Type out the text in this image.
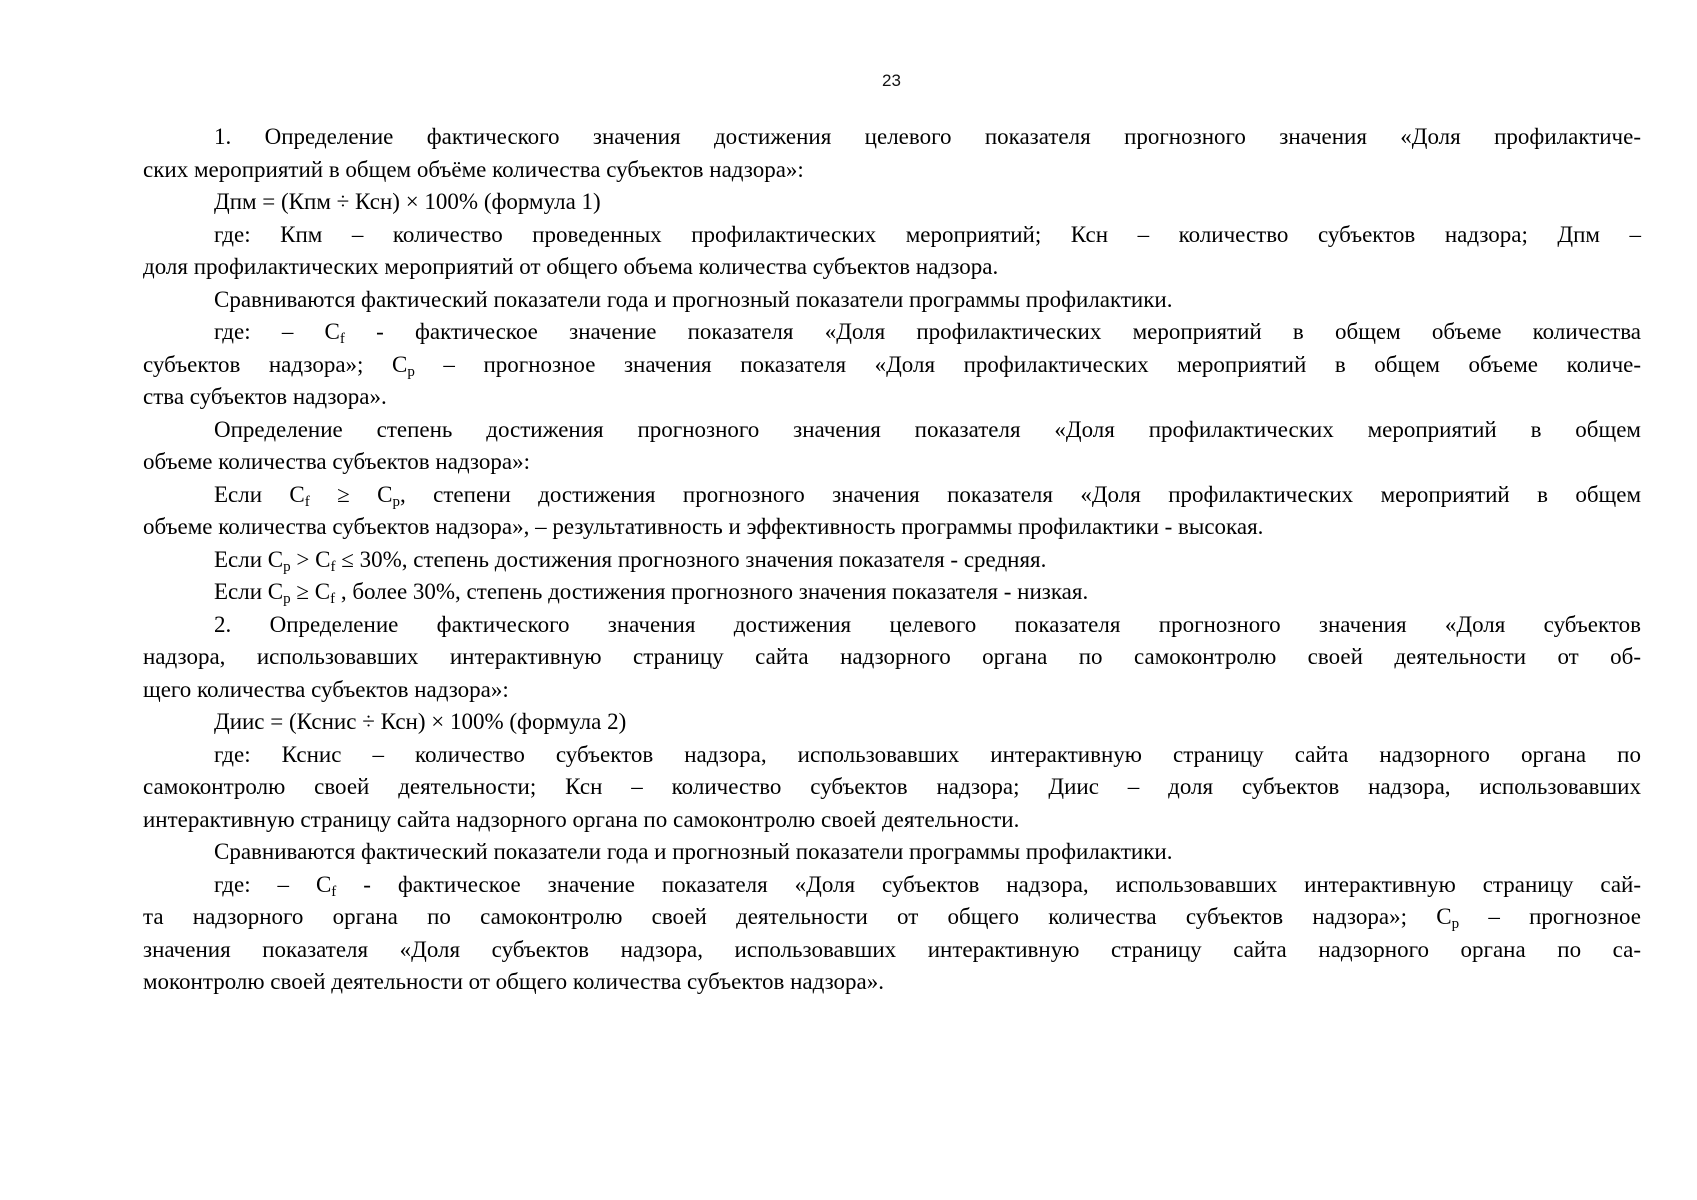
23
1. Определение фактического значения достижения целевого показателя прогнозного значения «Доля профилактиче-
ских мероприятий в общем объёме количества субъектов надзора»:
Дпм = (Кпм ÷ Ксн) × 100% (формула 1)
где: Кпм – количество проведенных профилактических мероприятий; Ксн – количество субъектов надзора; Дпм –
доля профилактических мероприятий от общего объема количества субъектов надзора.
Сравниваются фактический показатели года и прогнозный показатели программы профилактики.
где: – Cf - фактическое значение показателя «Доля профилактических мероприятий в общем объеме количества
субъектов надзора»; Cp – прогнозное значения показателя «Доля профилактических мероприятий в общем объеме количе-
ства субъектов надзора».
Определение степень достижения прогнозного значения показателя «Доля профилактических мероприятий в общем
объеме количества субъектов надзора»:
Если Cf ≥ Cp, степени достижения прогнозного значения показателя «Доля профилактических мероприятий в общем
объеме количества субъектов надзора», – результативность и эффективность программы профилактики - высокая.
Если Cp > Cf ≤ 30%, степень достижения прогнозного значения показателя - средняя.
Если Cp ≥ Cf , более 30%, степень достижения прогнозного значения показателя - низкая.
2. Определение фактического значения достижения целевого показателя прогнозного значения «Доля субъектов
надзора, использовавших интерактивную страницу сайта надзорного органа по самоконтролю своей деятельности от об-
щего количества субъектов надзора»:
Диис = (Кснис ÷ Ксн) × 100% (формула 2)
где: Кснис – количество субъектов надзора, использовавших интерактивную страницу сайта надзорного органа по
самоконтролю своей деятельности; Ксн – количество субъектов надзора; Диис – доля субъектов надзора, использовавших
интерактивную страницу сайта надзорного органа по самоконтролю своей деятельности.
Сравниваются фактический показатели года и прогнозный показатели программы профилактики.
где: – Cf - фактическое значение показателя «Доля субъектов надзора, использовавших интерактивную страницу сай-
та надзорного органа по самоконтролю своей деятельности от общего количества субъектов надзора»; Cp – прогнозное
значения показателя «Доля субъектов надзора, использовавших интерактивную страницу сайта надзорного органа по са-
моконтролю своей деятельности от общего количества субъектов надзора».
